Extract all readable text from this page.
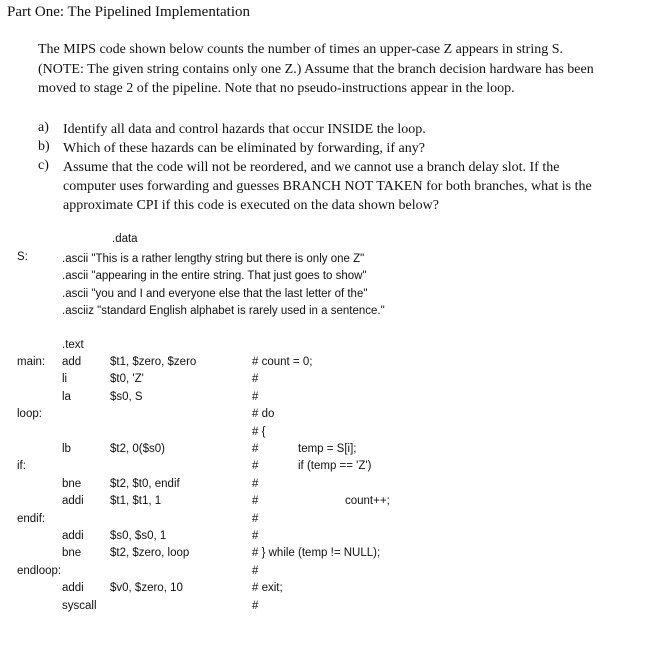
Part One: The Pipelined Implementation
The MIPS code shown below counts the number of times an upper-case Z appears in string S.
(NOTE: The given string contains only one Z.) Assume that the branch decision hardware has been
moved to stage 2 of the pipeline. Note that no pseudo-instructions appear in the loop.
a) Identify all data and control hazards that occur INSIDE the loop.
b) Which of these hazards can be eliminated by forwarding, if any?
c) Assume that the code will not be reordered, and we cannot use a branch delay slot. If the
computer uses forwarding and guesses BRANCH NOT TAKEN for both branches, what is the
approximate CPI if this code is executed on the data shown below?
.data
S:	.ascii "This is a rather lengthy string but there is only one Z"
.ascii "appearing in the entire string. That just goes to show"
.ascii "you and I and everyone else that the last letter of the"
.asciiz "standard English alphabet is rarely used in a sentence."
.text
main: add	$t1, $zero, $zero	# count = 0;
li	$t0, 'Z'	#
la	$s0, S	#
loop:	# do
# {
lb	$t2, 0($s0)	#	temp = S[i];
if:	#	if (temp == 'Z')
bne	$t2, $t0, endif	#
addi $t1, $t1, 1	#	count++;
endif:	#
addi $s0, $s0, 1	#
bne	$t2, $zero, loop	# } while (temp != NULL);
endloop:	#
addi $v0, $zero, 10	# exit;
syscall	#
